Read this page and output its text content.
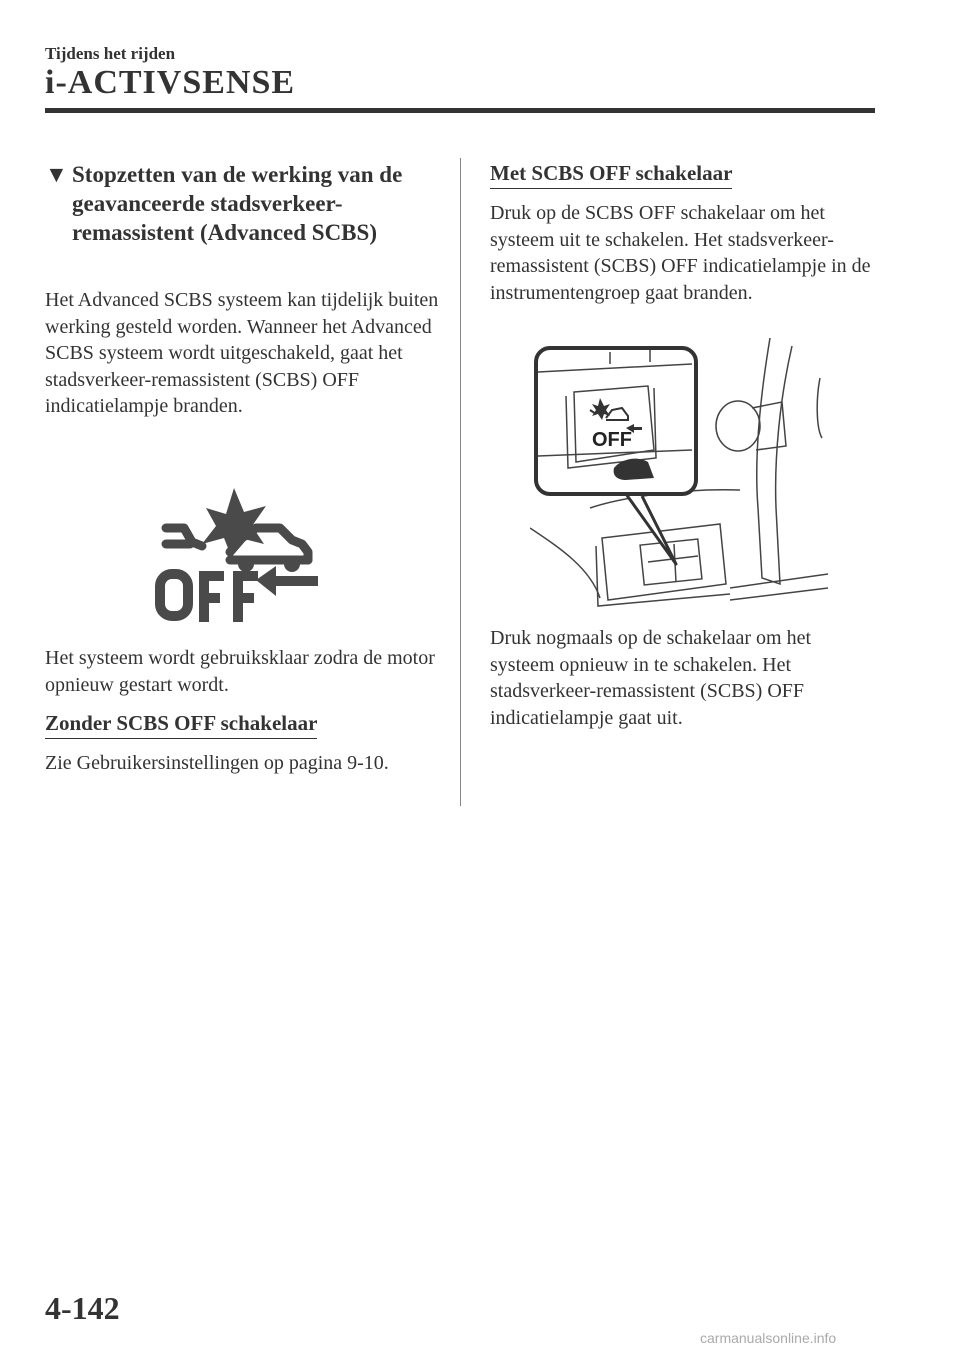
Tijdens het rijden
i-ACTIVSENSE
▼ Stopzetten van de werking van de geavanceerde stadsverkeer-remassistent (Advanced SCBS)
Het Advanced SCBS systeem kan tijdelijk buiten werking gesteld worden. Wanneer het Advanced SCBS systeem wordt uitgeschakeld, gaat het stadsverkeer-remassistent (SCBS) OFF indicatielampje branden.
Het systeem wordt gebruiksklaar zodra de motor opnieuw gestart wordt.
Zonder SCBS OFF schakelaar
Zie Gebruikersinstellingen op pagina 9-10.
Met SCBS OFF schakelaar
Druk op de SCBS OFF schakelaar om het systeem uit te schakelen. Het stadsverkeer-remassistent (SCBS) OFF indicatielampje in de instrumentengroep gaat branden.
OFF
Druk nogmaals op de schakelaar om het systeem opnieuw in te schakelen. Het stadsverkeer-remassistent (SCBS) OFF indicatielampje gaat uit.
4-142
carmanualsonline.info
